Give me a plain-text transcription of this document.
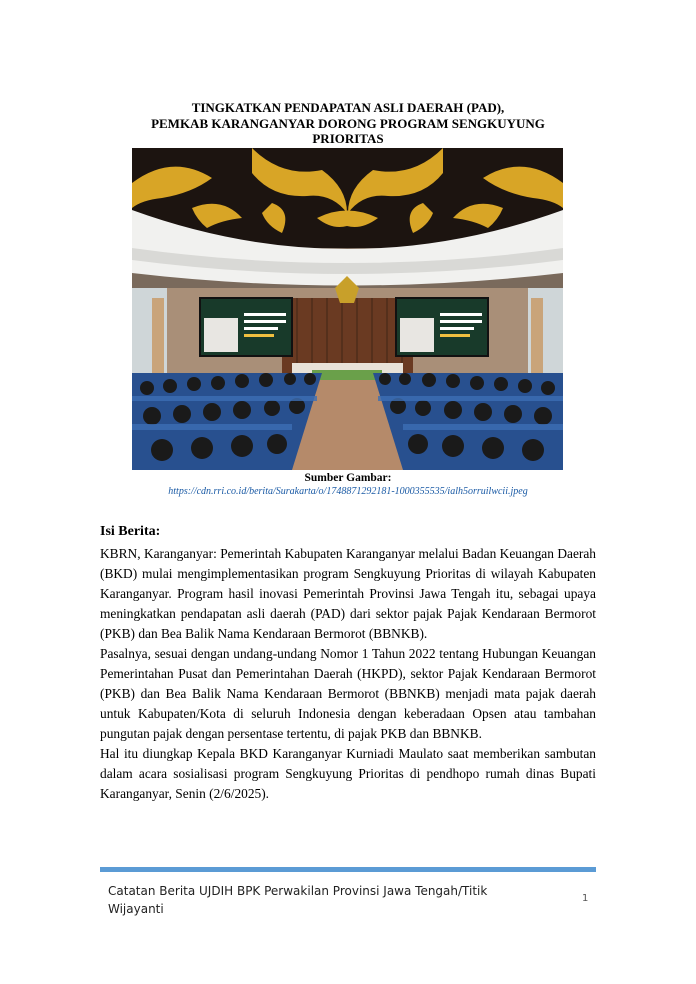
TINGKATKAN PENDAPATAN ASLI DAERAH (PAD),
PEMKAB KARANGANYAR DORONG PROGRAM SENGKUYUNG
PRIORITAS
Sumber Gambar:
https://cdn.rri.co.id/berita/Surakarta/o/1748871292181-1000355535/ialh5orruilwcii.jpeg
Isi Berita:

KBRN, Karanganyar: Pemerintah Kabupaten Karanganyar melalui Badan Keuangan Daerah (BKD) mulai mengimplementasikan program Sengkuyung Prioritas di wilayah Kabupaten Karanganyar. Program hasil inovasi Pemerintah Provinsi Jawa Tengah itu, sebagai upaya meningkatkan pendapatan asli daerah (PAD) dari sektor pajak Pajak Kendaraan Bermorot (PKB) dan Bea Balik Nama Kendaraan Bermorot (BBNKB).

Pasalnya, sesuai dengan undang-undang Nomor 1 Tahun 2022 tentang Hubungan Keuangan Pemerintahan Pusat dan Pemerintahan Daerah (HKPD), sektor Pajak Kendaraan Bermorot (PKB) dan Bea Balik Nama Kendaraan Bermorot (BBNKB) menjadi mata pajak daerah untuk Kabupaten/Kota di seluruh Indonesia dengan keberadaan Opsen atau tambahan pungutan pajak dengan persentase tertentu, di pajak PKB dan BBNKB.

Hal itu diungkap Kepala BKD Karanganyar Kurniadi Maulato saat memberikan sambutan dalam acara sosialisasi program Sengkuyung Prioritas di pendhopo rumah dinas Bupati Karanganyar, Senin (2/6/2025).

Catatan Berita UJDIH BPK Perwakilan Provinsi Jawa Tengah/Titik Wijayanti
1
